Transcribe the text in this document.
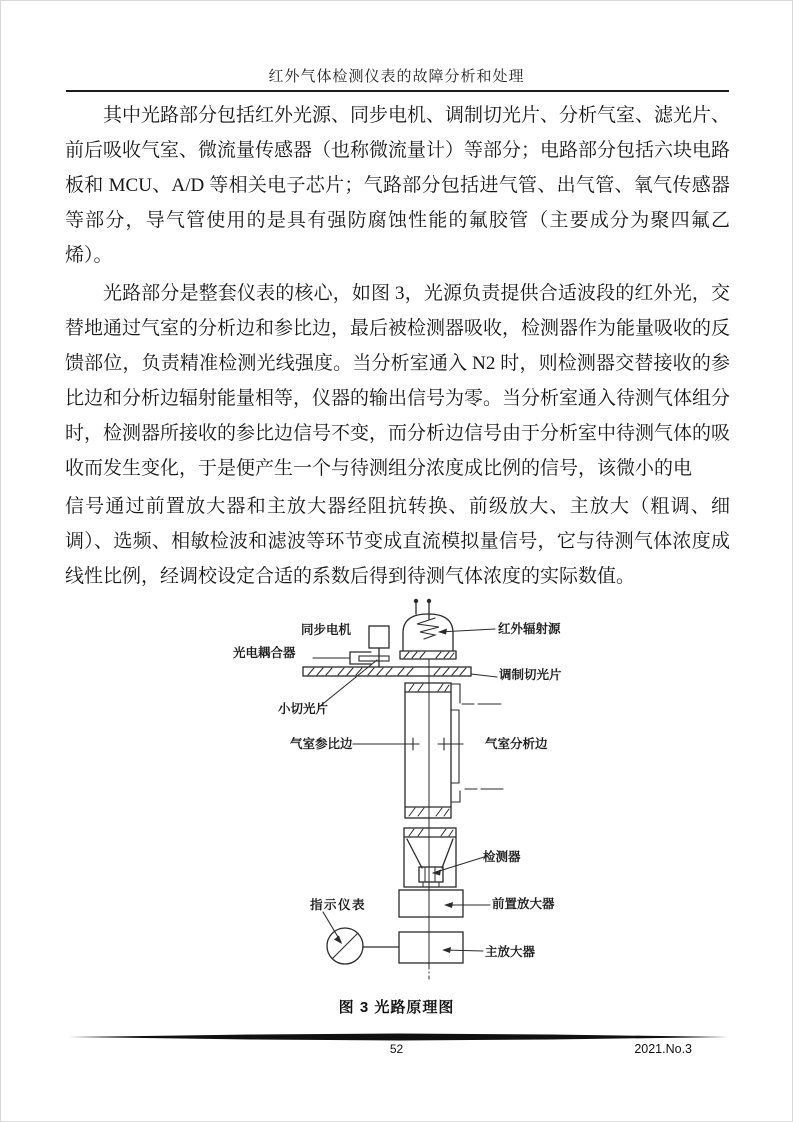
红外气体检测仪表的故障分析和处理

其中光路部分包括红外光源、同步电机、调制切光片、分析气室、滤光片、前后吸收气室、微流量传感器（也称微流量计）等部分；电路部分包括六块电路板和 MCU、A/D 等相关电子芯片；气路部分包括进气管、出气管、氧气传感器等部分，导气管使用的是具有强防腐蚀性能的氟胶管（主要成分为聚四氟乙烯）。

光路部分是整套仪表的核心，如图 3，光源负责提供合适波段的红外光，交替地通过气室的分析边和参比边，最后被检测器吸收，检测器作为能量吸收的反馈部位，负责精准检测光线强度。当分析室通入 N2 时，则检测器交替接收的参比边和分析边辐射能量相等，仪器的输出信号为零。当分析室通入待测气体组分时，检测器所接收的参比边信号不变，而分析边信号由于分析室中待测气体的吸收而发生变化，于是便产生一个与待测组分浓度成比例的信号，该微小的电

信号通过前置放大器和主放大器经阻抗转换、前级放大、主放大（粗调、细调）、选频、相敏检波和滤波等环节变成直流模拟量信号，它与待测气体浓度成线性比例，经调校设定合适的系数后得到待测气体浓度的实际数值。

同步电机
光电耦合器
红外辐射源
调制切光片
小切光片
气室参比边	气室分析边
检测器
指示仪表	前置放大器
主放大器
图 3 光路原理图
52	2021.No.3
